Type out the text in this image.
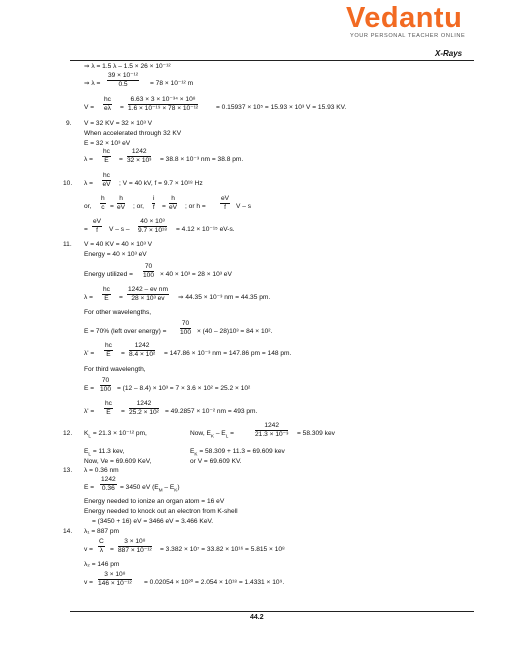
Vedantu
YOUR PERSONAL TEACHER ONLINE
X-Rays
⇒ λ = 1.5 λ – 1.5 × 26 × 10⁻¹²
⇒ λ =
39 × 10⁻¹²
0.5	= 78 × 10⁻¹² m
V =
hc
eλ =
6.63 × 3 × 10⁻³⁴ × 10⁸
1.6 × 10⁻¹⁹ × 78 × 10⁻¹²	= 0.15937 × 10⁵ = 15.93 × 10³ V = 15.93 KV.
9. V = 32 KV = 32 × 10³ V
When accelerated through 32 KV
E = 32 × 10³ eV
λ =
hc
E	=
1242
32 × 10³ = 38.8 × 10⁻³ nm = 38.8 pm.
10. λ =
hc
eV ; V = 40 kV, f = 9.7 × 10¹⁸ Hz
or,
h
c =
h
eV ; or,
i
f =
h
eV ; or h =
eV
f	V – s
=
eV
f	V – s –
40 × 10³
9.7 × 10¹⁸ = 4.12 × 10⁻¹⁵ eV-s.
11. V = 40 KV = 40 × 10³ V
Energy = 40 × 10³ eV
Energy utilized =
70
100 × 40 × 10³ = 28 × 10³ eV
λ =
hc
E	=
1242 – ev nm
28 × 10³ ev	⇒ 44.35 × 10⁻³ nm = 44.35 pm.
For other wavelengths,
E = 70% (left over energy) =
70
100 × (40 – 28)10³ = 84 × 10².
λ' =
hc
E	=
1242
8.4 × 10² = 147.86 × 10⁻³ nm = 147.86 pm = 148 pm.
For third wavelength,
E =
70
100 = (12 – 8.4) × 10³ = 7 × 3.6 × 10² = 25.2 × 10²
λ' =
hc
E	=
1242
25.2 × 10² = 49.2857 × 10⁻² nm = 493 pm.
12. $K_L = 21.3 \times 10^{-12}$ pm,	Now, $E_K - E_L$ =
1242
21.3 × 10⁻³ = 58.309 kev
$E_L = 11.3$ kev,	$E_K = 58.309 + 11.3 = 69.609$ kev
Now, Ve = 69.609 KeV,	or V = 69.609 KV.
13. λ = 0.36 nm
E =
1242
0.36 = 3450 eV $(E_M - E_K)$
Energy needed to ionize an organ atom = 16 eV
Energy needed to knock out an electron from K-shell
= (3450 + 16) eV = 3466 eV = 3.466 KeV.
14. λ₁ = 887 pm
v =
C
λ =
3 × 10⁸
887 × 10⁻¹² = 3.382 × 10⁷ = 33.82 × 10¹⁶ = 5.815 × 10⁸
λ₂ = 146 pm
v =
3 × 10⁸
146 × 10⁻¹² = 0.02054 × 10²⁰ = 2.054 × 10¹⁸ = 1.4331 × 10⁹.
44.2
